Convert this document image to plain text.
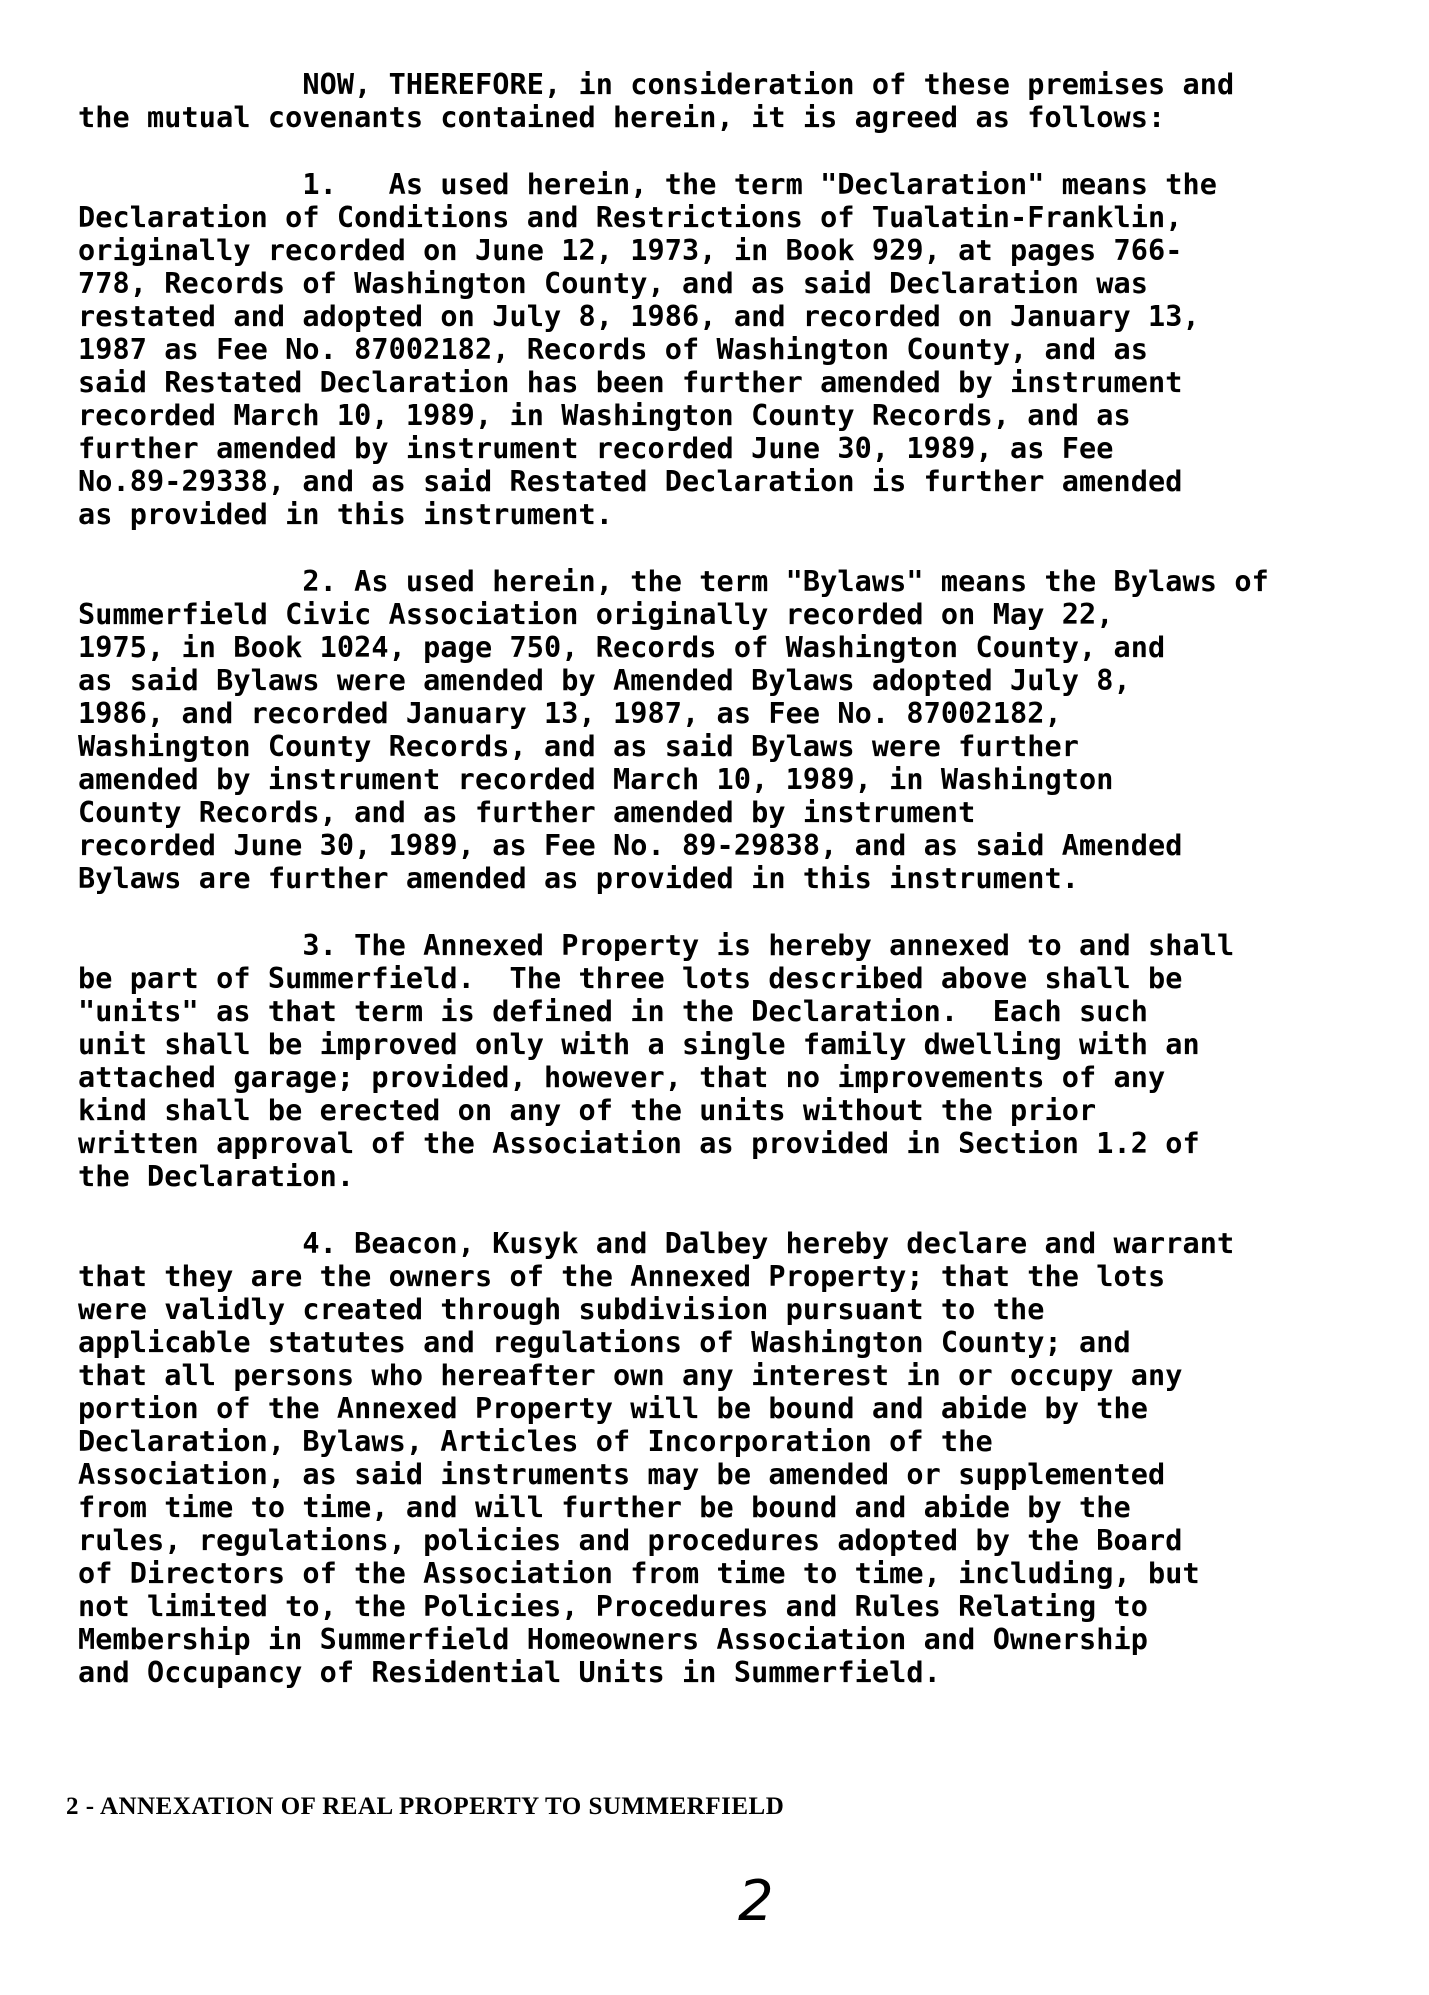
NOW, THEREFORE, in consideration of these premises and
the mutual covenants contained herein, it is agreed as follows:
1.   As used herein, the term "Declaration" means the
Declaration of Conditions and Restrictions of Tualatin-Franklin,
originally recorded on June 12, 1973, in Book 929, at pages 766-
778, Records of Washington County, and as said Declaration was
restated and adopted on July 8, 1986, and recorded on January 13,
1987 as Fee No. 87002182, Records of Washington County, and as
said Restated Declaration has been further amended by instrument
recorded March 10, 1989, in Washington County Records, and as
further amended by instrument recorded June 30, 1989, as Fee
No.89-29338, and as said Restated Declaration is further amended
as provided in this instrument.
2. As used herein, the term "Bylaws" means the Bylaws of
Summerfield Civic Association originally recorded on May 22,
1975, in Book 1024, page 750, Records of Washington County, and
as said Bylaws were amended by Amended Bylaws adopted July 8,
1986, and recorded January 13, 1987, as Fee No. 87002182,
Washington County Records, and as said Bylaws were further
amended by instrument recorded March 10, 1989, in Washington
County Records, and as further amended by instrument
recorded June 30, 1989, as Fee No. 89-29838, and as said Amended
Bylaws are further amended as provided in this instrument.
3. The Annexed Property is hereby annexed to and shall
be part of Summerfield.  The three lots described above shall be
"units" as that term is defined in the Declaration.  Each such
unit shall be improved only with a single family dwelling with an
attached garage; provided, however, that no improvements of any
kind shall be erected on any of the units without the prior
written approval of the Association as provided in Section 1.2 of
the Declaration.
4. Beacon, Kusyk and Dalbey hereby declare and warrant
that they are the owners of the Annexed Property; that the lots
were validly created through subdivision pursuant to the
applicable statutes and regulations of Washington County; and
that all persons who hereafter own any interest in or occupy any
portion of the Annexed Property will be bound and abide by the
Declaration, Bylaws, Articles of Incorporation of the
Association, as said instruments may be amended or supplemented
from time to time, and will further be bound and abide by the
rules, regulations, policies and procedures adopted by the Board
of Directors of the Association from time to time, including, but
not limited to, the Policies, Procedures and Rules Relating to
Membership in Summerfield Homeowners Association and Ownership
and Occupancy of Residential Units in Summerfield.
2 - ANNEXATION OF REAL PROPERTY TO SUMMERFIELD
2
